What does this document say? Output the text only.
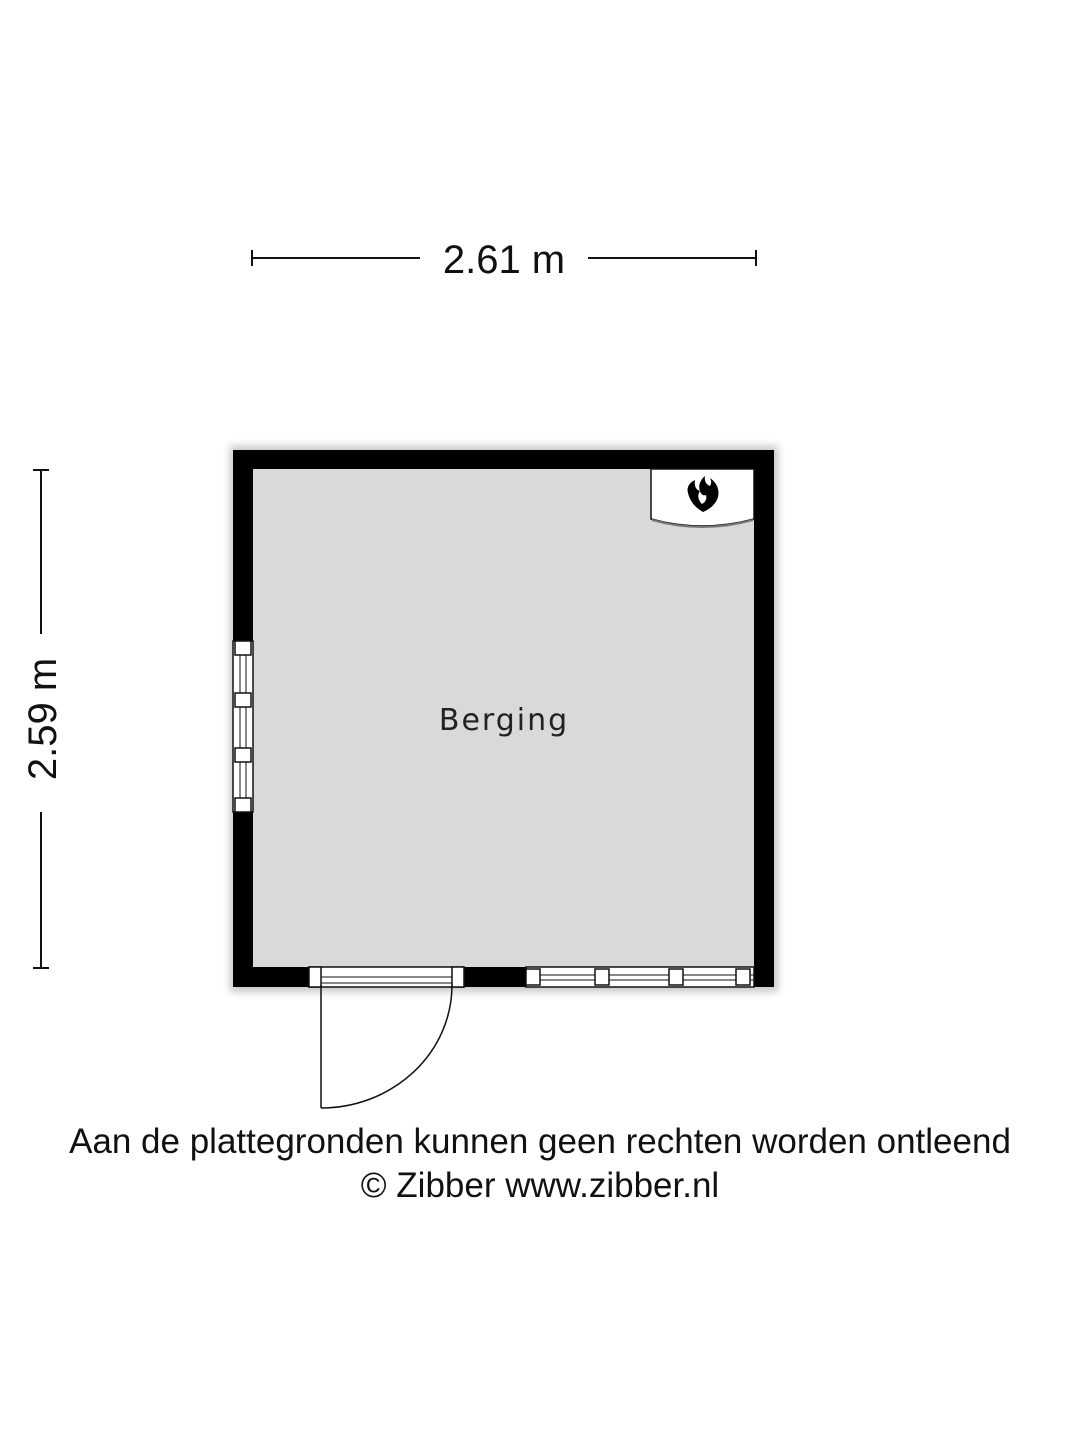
2.61 m
2.59 m	Berging
Aan de plattegronden kunnen geen rechten worden ontleend
© Zibber www.zibber.nl
